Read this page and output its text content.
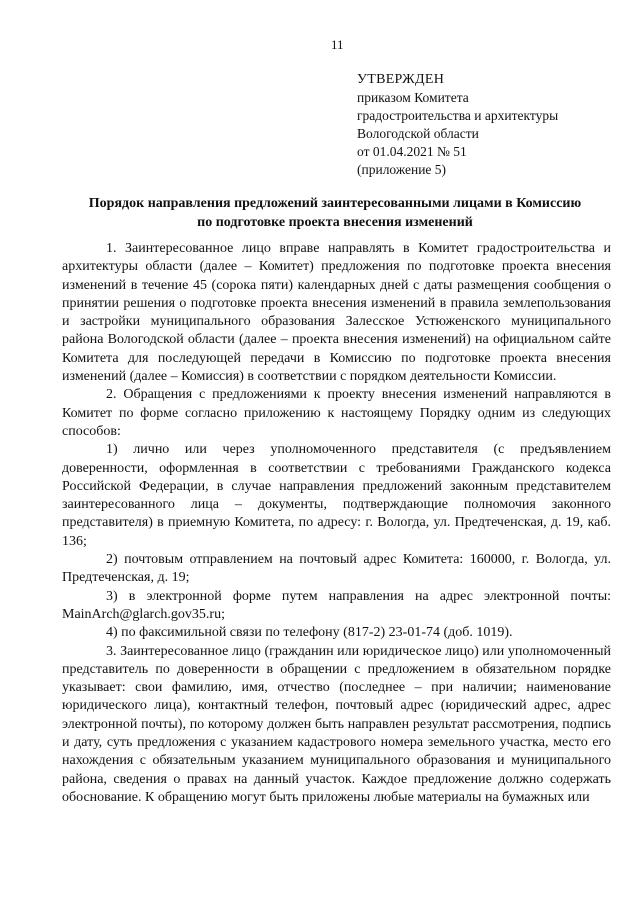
11
УТВЕРЖДЕН
приказом Комитета
градостроительства и архитектуры
Вологодской области
от 01.04.2021 № 51
(приложение 5)
Порядок направления предложений заинтересованными лицами в Комиссию
по подготовке проекта внесения изменений

1. Заинтересованное лицо вправе направлять в Комитет градостроительства и архитектуры области (далее – Комитет) предложения по подготовке проекта внесения изменений в течение 45 (сорока пяти) календарных дней с даты размещения сообщения о принятии решения о подготовке проекта внесения изменений в правила землепользования и застройки муниципального образования Залесское Устюженского муниципального района Вологодской области (далее – проекта внесения изменений) на официальном сайте Комитета для последующей передачи в Комиссию по подготовке проекта внесения изменений (далее – Комиссия) в соответствии с порядком деятельности Комиссии.

2. Обращения с предложениями к проекту внесения изменений направляются в Комитет по форме согласно приложению к настоящему Порядку одним из следующих способов:

1) лично или через уполномоченного представителя (с предъявлением доверенности, оформленная в соответствии с требованиями Гражданского кодекса Российской Федерации, в случае направления предложений законным представителем заинтересованного лица – документы, подтверждающие полномочия законного представителя) в приемную Комитета, по адресу: г. Вологда, ул. Предтеченская, д. 19, каб. 136;

2) почтовым отправлением на почтовый адрес Комитета: 160000, г. Вологда, ул. Предтеченская, д. 19;

3) в электронной форме путем направления на адрес электронной почты: MainArch@glarch.gov35.ru;

4) по факсимильной связи по телефону (817-2) 23-01-74 (доб. 1019).

3. Заинтересованное лицо (гражданин или юридическое лицо) или уполномоченный представитель по доверенности в обращении с предложением в обязательном порядке указывает: свои фамилию, имя, отчество (последнее – при наличии; наименование юридического лица), контактный телефон, почтовый адрес (юридический адрес, адрес электронной почты), по которому должен быть направлен результат рассмотрения, подпись и дату, суть предложения с указанием кадастрового номера земельного участка, место его нахождения с обязательным указанием муниципального образования и муниципального района, сведения о правах на данный участок. Каждое предложение должно содержать обоснование. К обращению могут быть приложены любые материалы на бумажных или
